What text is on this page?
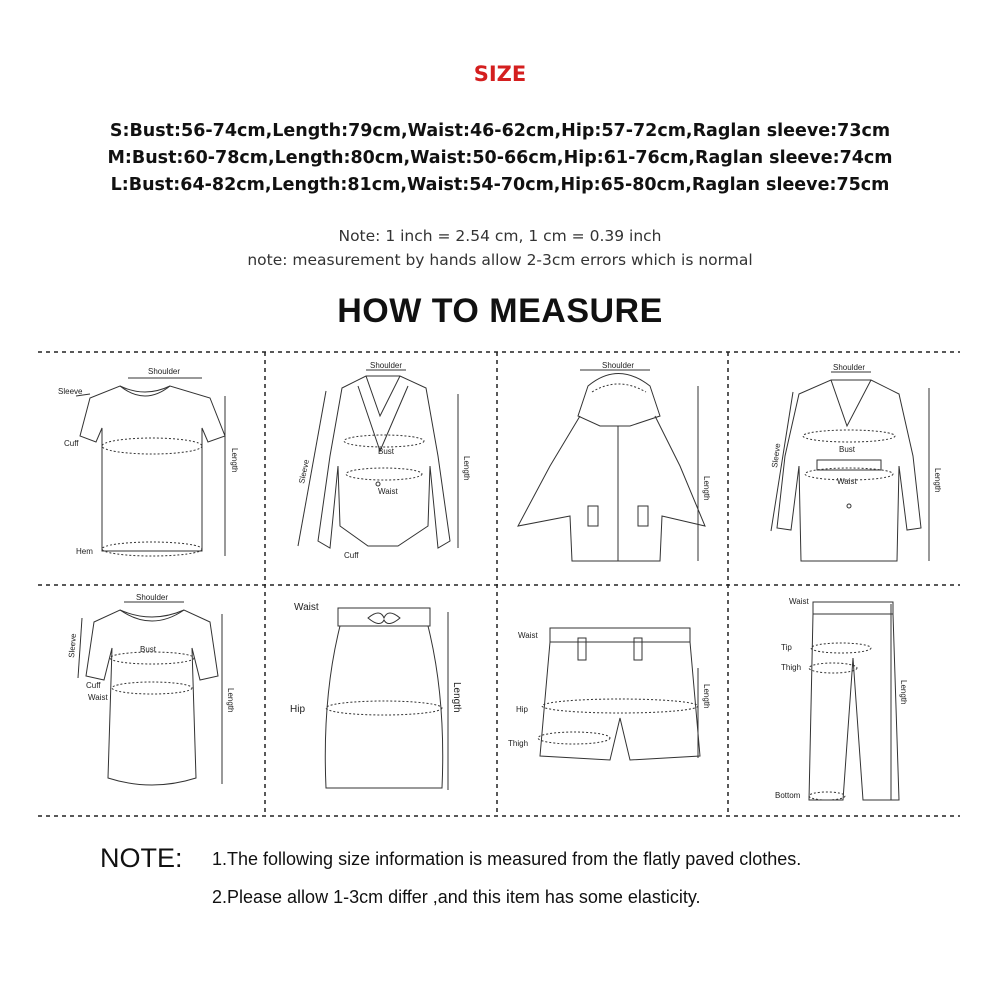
SIZE
S:Bust:56-74cm,Length:79cm,Waist:46-62cm,Hip:57-72cm,Raglan sleeve:73cm
M:Bust:60-78cm,Length:80cm,Waist:50-66cm,Hip:61-76cm,Raglan sleeve:74cm
L:Bust:64-82cm,Length:81cm,Waist:54-70cm,Hip:65-80cm,Raglan sleeve:75cm
Note: 1 inch = 2.54 cm, 1 cm = 0.39 inch
note: measurement by hands allow 2-3cm errors which is normal
HOW TO MEASURE
Shoulder
Sleeve
Cuff
Hem
Length
Shoulder
Sleeve
Bust
Waist
Cuff
Length
Shoulder
Length
Shoulder
Sleeve	Bust
Waist	Length
Shoulder
Sleeve	Bust
Cuff
Waist	Length
Waist
Hip	Length
Waist
Hip
Thigh
Length
Waist
Tip
Thigh
Bottom
Length
NOTE: 1.The following size information is measured from the flatly paved clothes.
2.Please allow 1-3cm differ ,and this item has some elasticity.
